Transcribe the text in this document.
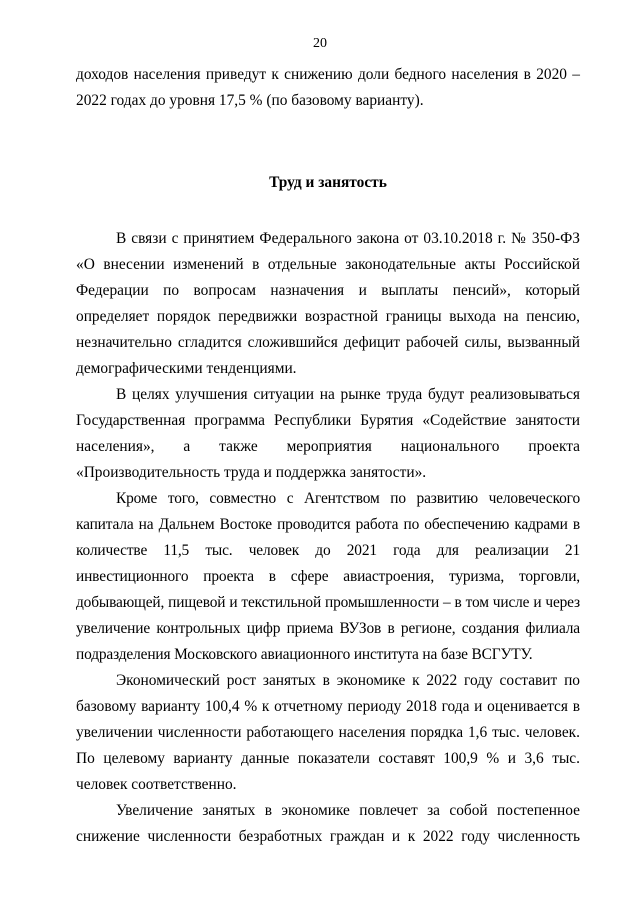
20

доходов населения приведут к снижению доли бедного населения в 2020 – 2022 годах до уровня 17,5 % (по базовому варианту).

Труд и занятость

В связи с принятием Федерального закона от 03.10.2018 г. № 350-ФЗ «О внесении изменений в отдельные законодательные акты Российской Федерации по вопросам назначения и выплаты пенсий», который определяет порядок передвижки возрастной границы выхода на пенсию, незначительно сгладится сложившийся дефицит рабочей силы, вызванный демографическими тенденциями.

В целях улучшения ситуации на рынке труда будут реализовываться Государственная программа Республики Бурятия «Содействие занятости населения», а также мероприятия национального проекта «Производительность труда и поддержка занятости».

Кроме того, совместно с Агентством по развитию человеческого капитала на Дальнем Востоке проводится работа по обеспечению кадрами в количестве 11,5 тыс. человек до 2021 года для реализации 21 инвестиционного проекта в сфере авиастроения, туризма, торговли, добывающей, пищевой и текстильной промышленности – в том числе и через увеличение контрольных цифр приема ВУЗов в регионе, создания филиала подразделения Московского авиационного института на базе ВСГУТУ.

Экономический рост занятых в экономике к 2022 году составит по базовому варианту 100,4 % к отчетному периоду 2018 года и оценивается в увеличении численности работающего населения порядка 1,6 тыс. человек. По целевому варианту данные показатели составят 100,9 % и 3,6 тыс. человек соответственно.

Увеличение занятых в экономике повлечет за собой постепенное снижение численности безработных граждан и к 2022 году численность
